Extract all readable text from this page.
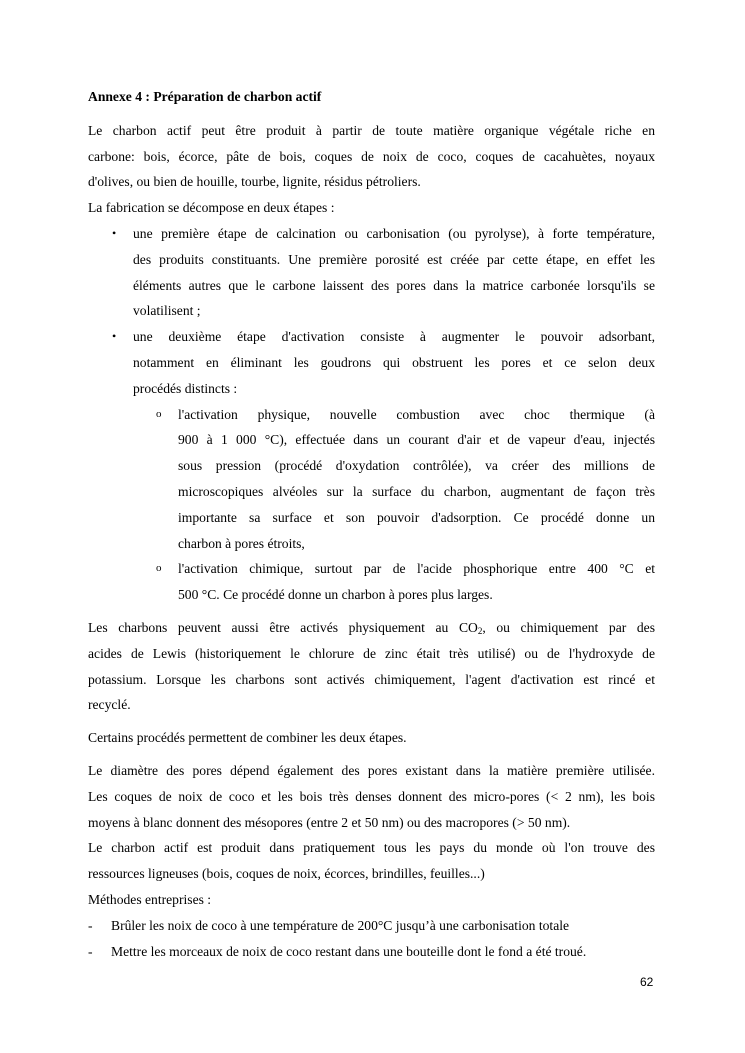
Annexe 4 : Préparation de charbon actif

Le charbon actif peut être produit à partir de toute matière organique végétale riche en

carbone: bois, écorce, pâte de bois, coques de noix de coco, coques de cacahuètes, noyaux

d'olives, ou bien de houille, tourbe, lignite, résidus pétroliers.

La fabrication se décompose en deux étapes :

• une première étape de calcination ou carbonisation (ou pyrolyse), à forte température,

des produits constituants. Une première porosité est créée par cette étape, en effet les

éléments autres que le carbone laissent des pores dans la matrice carbonée lorsqu'ils se

volatilisent ;

• une deuxième étape d'activation consiste à augmenter le pouvoir adsorbant,

notamment en éliminant les goudrons qui obstruent les pores et ce selon deux

procédés distincts :

o l'activation physique, nouvelle combustion avec choc thermique (à

900 à 1 000 °C), effectuée dans un courant d'air et de vapeur d'eau, injectés

sous pression (procédé d'oxydation contrôlée), va créer des millions de

microscopiques alvéoles sur la surface du charbon, augmentant de façon très

importante sa surface et son pouvoir d'adsorption. Ce procédé donne un

charbon à pores étroits,

o l'activation chimique, surtout par de l'acide phosphorique entre 400 °C et

500 °C. Ce procédé donne un charbon à pores plus larges.

Les charbons peuvent aussi être activés physiquement au $CO_2$, ou chimiquement par des

acides de Lewis (historiquement le chlorure de zinc était très utilisé) ou de l'hydroxyde de

potassium. Lorsque les charbons sont activés chimiquement, l'agent d'activation est rincé et

recyclé.

Certains procédés permettent de combiner les deux étapes.

Le diamètre des pores dépend également des pores existant dans la matière première utilisée.

Les coques de noix de coco et les bois très denses donnent des micro-pores (< 2 nm), les bois

moyens à blanc donnent des mésopores (entre 2 et 50 nm) ou des macropores (> 50 nm).

Le charbon actif est produit dans pratiquement tous les pays du monde où l'on trouve des

ressources ligneuses (bois, coques de noix, écorces, brindilles, feuilles...)

Méthodes entreprises :

- Brûler les noix de coco à une température de 200°C jusqu’à une carbonisation totale

- Mettre les morceaux de noix de coco restant dans une bouteille dont le fond a été troué.

62
